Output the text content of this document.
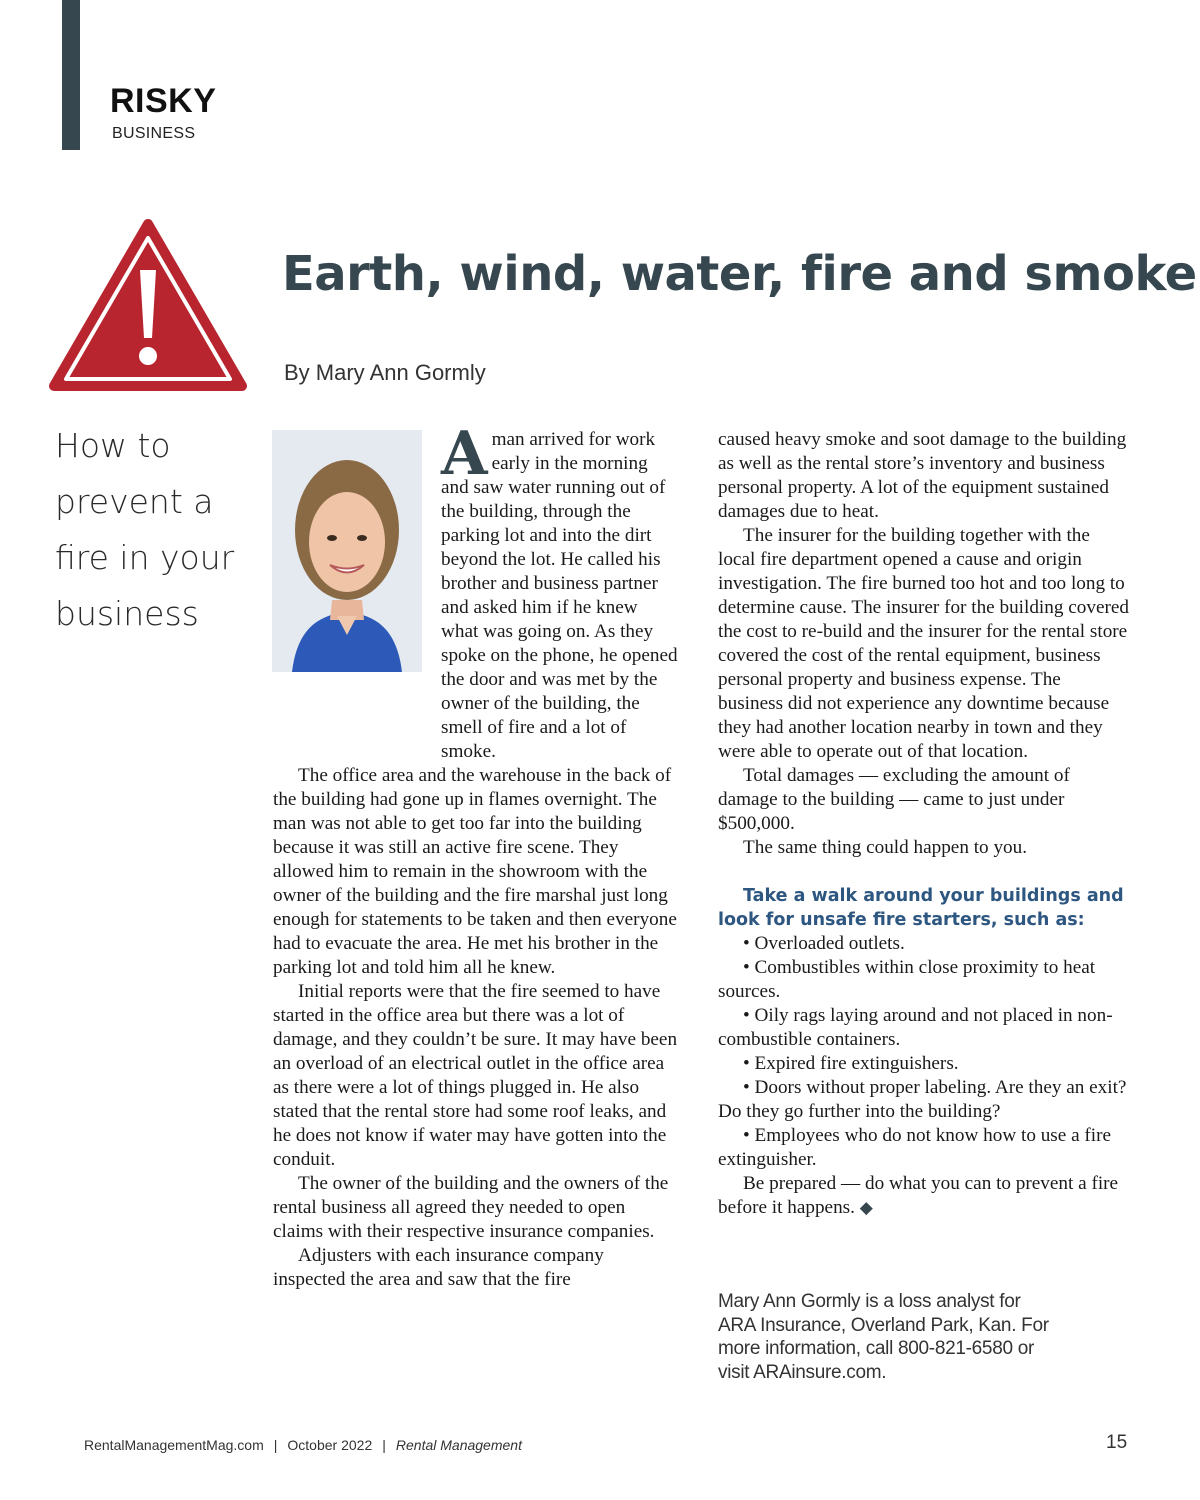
RISKY
BUSINESS
Earth, wind, water, fire and smoke
By Mary Ann Gormly
How to prevent a fire in your business

Aman arrived for work early in the morning and saw water running out of the building, through the parking lot and into the dirt beyond the lot. He called his brother and business partner and asked him if he knew what was going on. As they spoke on the phone, he opened the door and was met by the owner of the building, the smell of fire and a lot of smoke.

The office area and the warehouse in the back of the building had gone up in flames overnight. The man was not able to get too far into the building because it was still an active fire scene. They allowed him to remain in the showroom with the owner of the building and the fire marshal just long enough for statements to be taken and then everyone had to evacuate the area. He met his brother in the parking lot and told him all he knew.

Initial reports were that the fire seemed to have started in the office area but there was a lot of damage, and they couldn’t be sure. It may have been an overload of an electrical outlet in the office area as there were a lot of things plugged in. He also stated that the rental store had some roof leaks, and he does not know if water may have gotten into the conduit.

The owner of the building and the owners of the rental business all agreed they needed to open claims with their respective insurance companies.

Adjusters with each insurance company inspected the area and saw that the fire

caused heavy smoke and soot damage to the building as well as the rental store’s inventory and business personal property. A lot of the equipment sustained damages due to heat.

The insurer for the building together with the local fire department opened a cause and origin investigation. The fire burned too hot and too long to determine cause. The insurer for the building covered the cost to re-build and the insurer for the rental store covered the cost of the rental equipment, business personal property and business expense. The business did not experience any downtime because they had another location nearby in town and they were able to operate out of that location.

Total damages — excluding the amount of damage to the building — came to just under $500,000.

The same thing could happen to you.

Take a walk around your buildings and look for unsafe fire starters, such as:

• Overloaded outlets.

• Combustibles within close proximity to heat sources.

• Oily rags laying around and not placed in non-combustible containers.

• Expired fire extinguishers.

• Doors without proper labeling. Are they an exit? Do they go further into the building?

• Employees who do not know how to use a fire extinguisher.

Be prepared — do what you can to prevent a fire before it happens. ◆

Mary Ann Gormly is a loss analyst for ARA Insurance, Overland Park, Kan. For more information, call 800-821-6580 or visit ARAinsure.com.
RentalManagementMag.com | October 2022 | Rental Management	15
